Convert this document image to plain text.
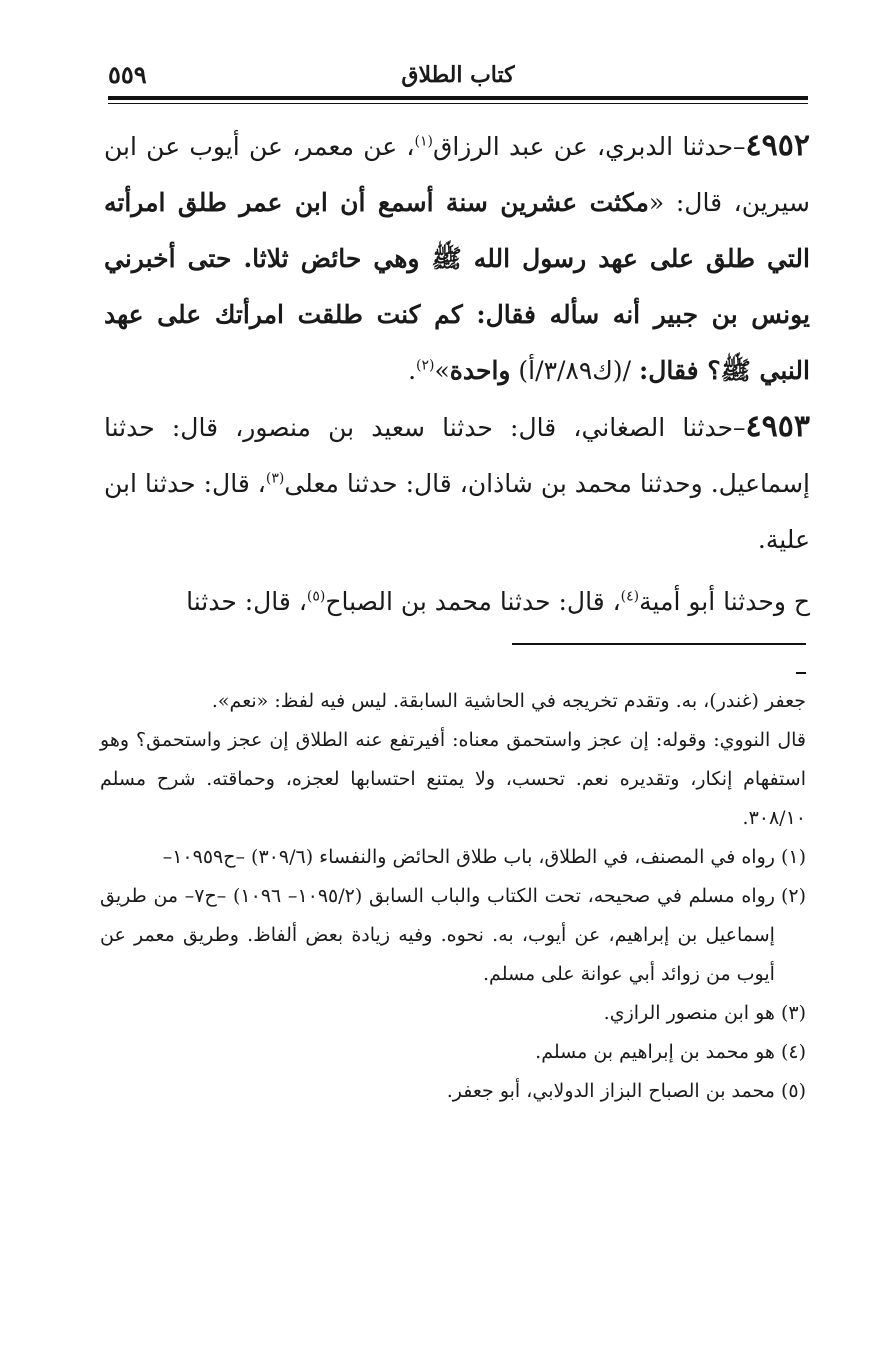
كتاب الطلاق
٥٥٩

٤٩٥٢–حدثنا الدبري، عن عبد الرزاق$^{(١)}$، عن معمر، عن أيوب عن ابن سيرين، قال: «مكثت عشرين سنة أسمع أن ابن عمر طلق امرأته التي طلق على عهد رسول الله ﷺ وهي حائض ثلاثا. حتى أخبرني يونس بن جبير أنه سأله فقال: كم كنت طلقت امرأتك على عهد النبي ﷺ؟ فقال: /(ك٣/٨٩/أ) واحدة»$^{(٢)}$.

٤٩٥٣–حدثنا الصغاني، قال: حدثنا سعيد بن منصور، قال: حدثنا إسماعيل. وحدثنا محمد بن شاذان، قال: حدثنا معلى$^{(٣)}$، قال: حدثنا ابن علية.

ح وحدثنا أبو أمية$^{(٤)}$، قال: حدثنا محمد بن الصباح$^{(٥)}$، قال: حدثنا

جعفر (غندر)، به. وتقدم تخريجه في الحاشية السابقة. ليس فيه لفظ: «نعم».

قال النووي: وقوله: إن عجز واستحمق معناه: أفيرتفع عنه الطلاق إن عجز واستحمق؟ وهو استفهام إنكار، وتقديره نعم. تحسب، ولا يمتنع احتسابها لعجزه، وحماقته. شرح مسلم ٣٠٨/١٠.

(١)
رواه في المصنف، في الطلاق، باب طلاق الحائض والنفساء (٣٠٩/٦) –ح١٠٩٥٩–
(٢)
رواه مسلم في صحيحه، تحت الكتاب والباب السابق (١٠٩٥/٢– ١٠٩٦) –ح٧– من طريق إسماعيل بن إبراهيم، عن أيوب، به. نحوه. وفيه زيادة بعض ألفاظ. وطريق معمر عن أيوب من زوائد أبي عوانة على مسلم.
(٣)
هو ابن منصور الرازي.
(٤)
هو محمد بن إبراهيم بن مسلم.
(٥)
محمد بن الصباح البزاز الدولابي، أبو جعفر.
